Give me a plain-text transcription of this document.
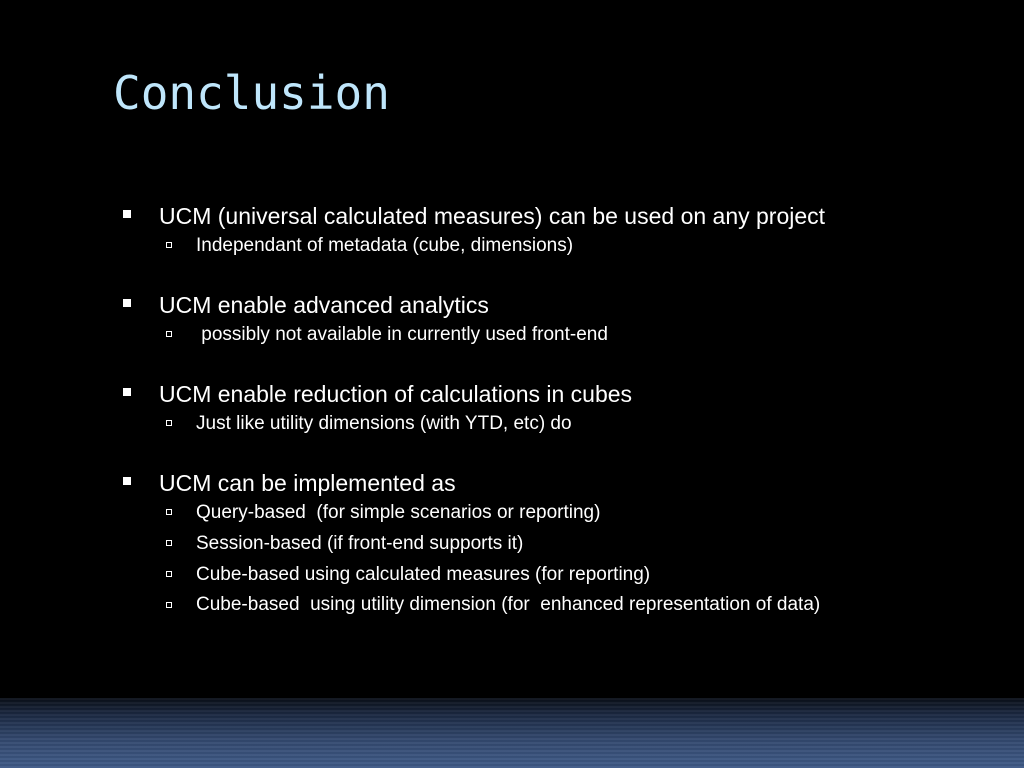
Conclusion
UCM (universal calculated measures) can be used on any project
Independant of metadata (cube, dimensions)
UCM enable advanced analytics
possibly not available in currently used front-end
UCM enable reduction of calculations in cubes
Just like utility dimensions (with YTD, etc) do
UCM can be implemented as
Query-based  (for simple scenarios or reporting)
Session-based (if front-end supports it)
Cube-based using calculated measures (for reporting)
Cube-based  using utility dimension (for  enhanced representation of data)
